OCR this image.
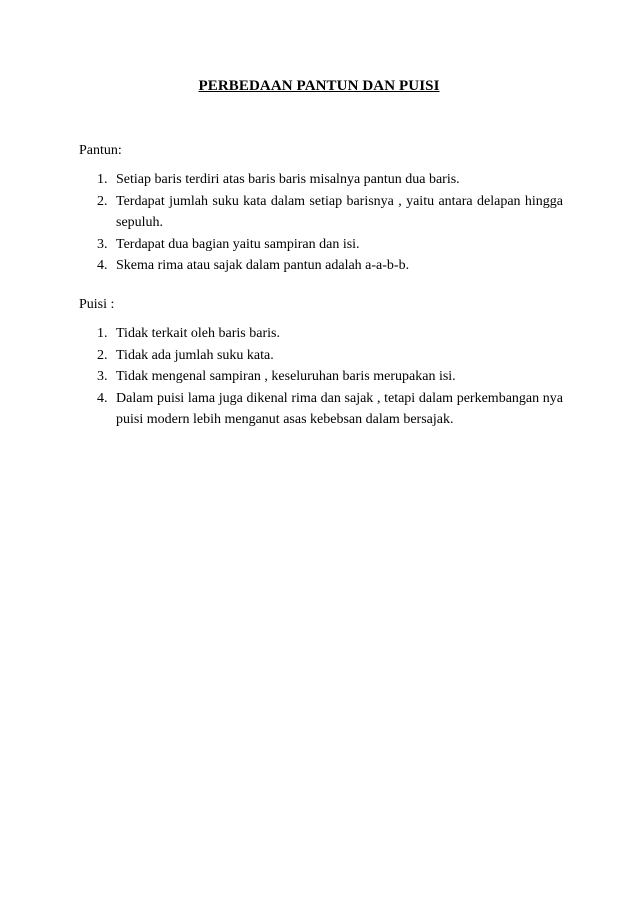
PERBEDAAN PANTUN DAN PUISI

Pantun:

1. Setiap baris terdiri atas baris baris misalnya pantun dua baris.
2. Terdapat jumlah suku kata dalam setiap barisnya , yaitu antara delapan hingga sepuluh.
3. Terdapat dua bagian yaitu sampiran dan isi.
4. Skema rima atau sajak dalam pantun adalah a-a-b-b.

Puisi :

1. Tidak terkait oleh baris baris.
2. Tidak ada jumlah suku kata.
3. Tidak mengenal sampiran , keseluruhan baris merupakan isi.
4. Dalam puisi lama juga dikenal rima dan sajak , tetapi dalam perkembangan nya puisi modern lebih menganut asas kebebsan dalam bersajak.
